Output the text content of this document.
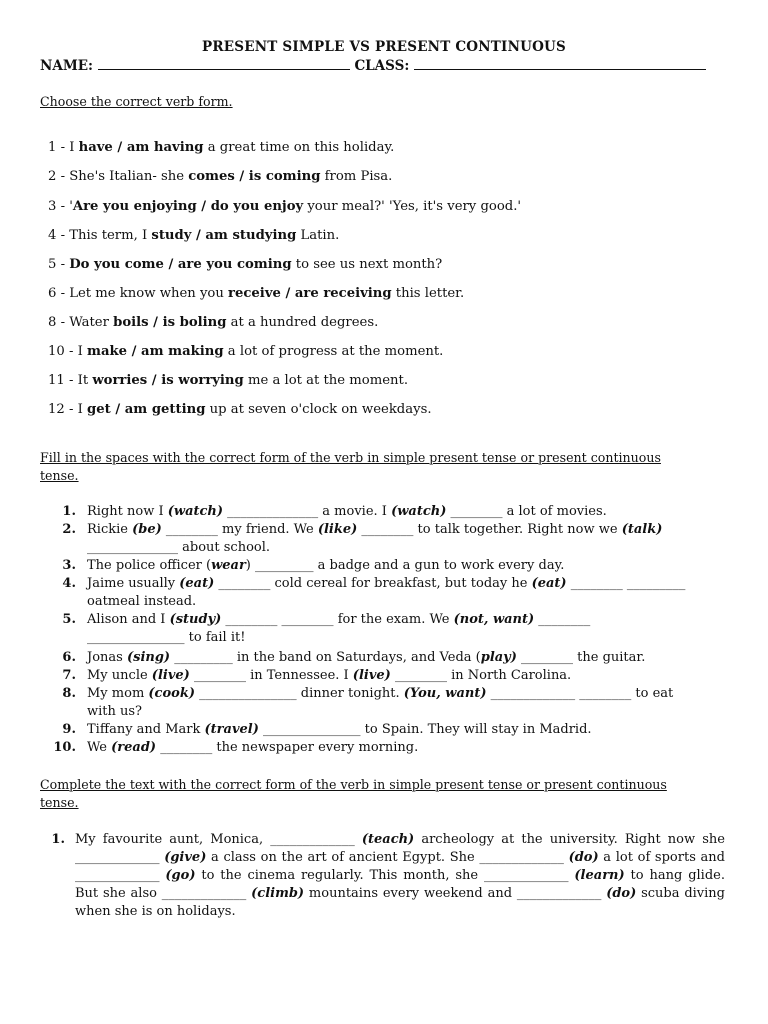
PRESENT SIMPLE VS PRESENT CONTINUOUS
NAME:	CLASS:
Choose the correct verb form.
1 - I have / am having a great time on this holiday.
2 - She's Italian- she comes / is coming from Pisa.
3 - 'Are you enjoying / do you enjoy your meal?' 'Yes, it's very good.'
4 - This term, I study / am studying Latin.
5 - Do you come / are you coming to see us next month?
6 - Let me know when you receive / are receiving this letter.
8 - Water boils / is boling at a hundred degrees.
10 - I make / am making a lot of progress at the moment.
11 - It worries / is worrying me a lot at the moment.
12 - I get / am getting up at seven o'clock on weekdays.
Fill in the spaces with the correct form of the verb in simple present tense or present continuous tense.
1. Right now I (watch) ______________ a movie. I (watch) ________ a lot of movies.
2. Rickie (be) ________ my friend. We (like) ________ to talk together. Right now we (talk) ______________ about school.
3. The police officer (wear) _________ a badge and a gun to work every day.
4. Jaime usually (eat) ________ cold cereal for breakfast, but today he (eat) ________ _________ oatmeal instead.
5. Alison and I (study) ________ ________ for the exam. We (not, want) ________ _______________ to fail it!
6. Jonas (sing) _________ in the band on Saturdays, and Veda (play) ________ the guitar.
7. My uncle (live) ________ in Tennessee. I (live) ________ in North Carolina.
8. My mom (cook) _______________ dinner tonight. (You, want) _____________ ________ to eat with us?
9. Tiffany and Mark (travel) _______________ to Spain. They will stay in Madrid.
10. We (read) ________ the newspaper every morning.
Complete the text with the correct form of the verb in simple present tense or present continuous tense.
1. My favourite aunt, Monica, _____________ (teach) archeology at the university. Right now she _____________ (give) a class on the art of ancient Egypt. She _____________ (do) a lot of sports and _____________ (go) to the cinema regularly. This month, she _____________ (learn) to hang glide. But she also _____________ (climb) mountains every weekend and _____________ (do) scuba diving when she is on holidays.
